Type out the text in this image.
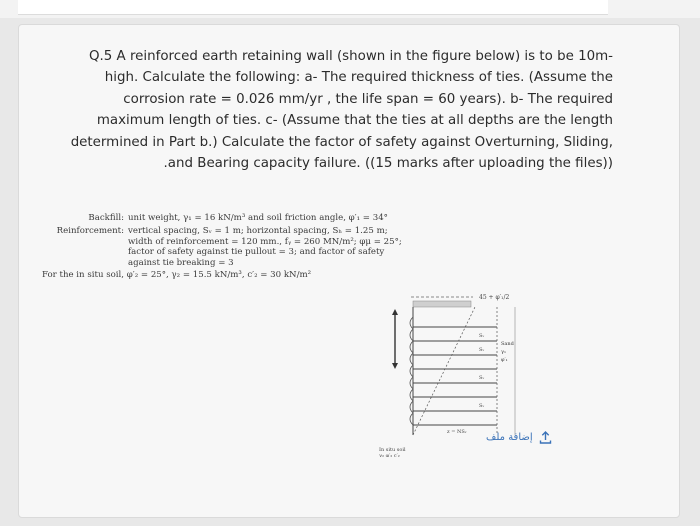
Q.5 A reinforced earth retaining wall (shown in the figure below) is to be 10m-
high. Calculate the following: a- The required thickness of ties. (Assume the
corrosion rate = 0.026 mm/yr , the life span = 60 years). b- The required
maximum length of ties. c- (Assume that the ties at all depths are the length
determined in Part b.) Calculate the factor of safety against Overturning, Sliding,
.and Bearing capacity failure. ((15 marks after uploading the files))
Backfill: unit weight, γ₁ = 16 kN/m³ and soil friction angle, φ′₁ = 34°
Reinforcement: vertical spacing, Sᵥ = 1 m; horizontal spacing, Sₕ = 1.25 m;
width of reinforcement = 120 mm., fᵧ = 260 MN/m²; φμ = 25°;
factor of safety against tie pullout = 3; and factor of safety
against tie breaking = 3
For the in situ soil, φ′₂ = 25°, γ₂ = 15.5 kN/m³, c′₂ = 30 kN/m²
45 + φ′₁/2
Sᵥ
Sᵥ
Sᵥ
Sᵥ
Sand
γ₁
φ′₁
z = NSᵥ
In situ soil
γ₂ φ′₂ c′₂
إضافة ملف
